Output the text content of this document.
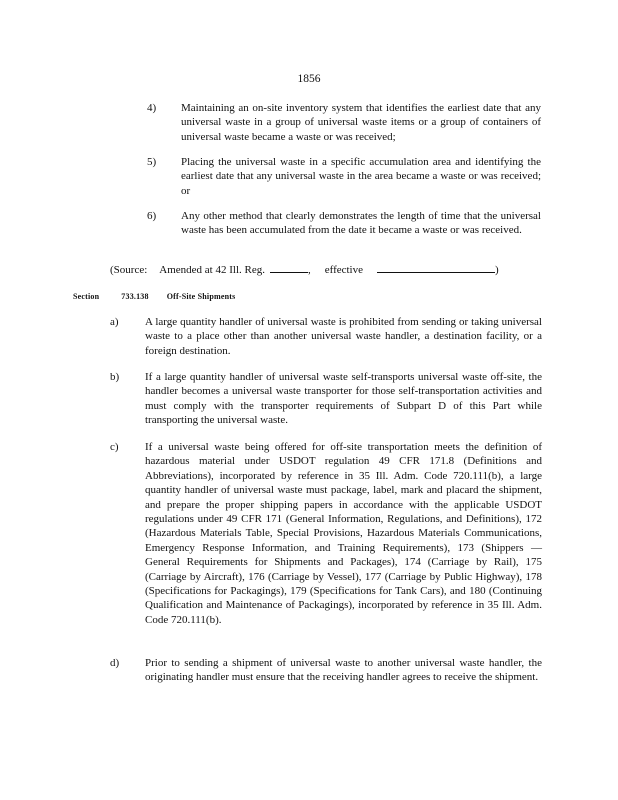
1856
4)	Maintaining an on-site inventory system that identifies the earliest date that any universal waste in a group of universal waste items or a group of containers of universal waste became a waste or was received;
5)	Placing the universal waste in a specific accumulation area and identifying the earliest date that any universal waste in the area became a waste or was received; or
6)	Any other method that clearly demonstrates the length of time that the universal waste has been accumulated from the date it became a waste or was received.
(Source: Amended at 42 Ill. Reg.	, effective	)
Section	733.138 Off-Site Shipments
a)	A large quantity handler of universal waste is prohibited from sending or taking universal waste to a place other than another universal waste handler, a destination facility, or a foreign destination.
b)	If a large quantity handler of universal waste self-transports universal waste off-site, the handler becomes a universal waste transporter for those self-transportation activities and must comply with the transporter requirements of Subpart D of this Part while transporting the universal waste.
c)	If a universal waste being offered for off-site transportation meets the definition of hazardous material under USDOT regulation 49 CFR 171.8 (Definitions and Abbreviations), incorporated by reference in 35 Ill. Adm. Code 720.111(b), a large quantity handler of universal waste must package, label, mark and placard the shipment, and prepare the proper shipping papers in accordance with the applicable USDOT regulations under 49 CFR 171 (General Information, Regulations, and Definitions), 172 (Hazardous Materials Table, Special Provisions, Hazardous Materials Communications, Emergency Response Information, and Training Requirements), 173 (Shippers — General Requirements for Shipments and Packages), 174 (Carriage by Rail), 175 (Carriage by Aircraft), 176 (Carriage by Vessel), 177 (Carriage by Public Highway), 178 (Specifications for Packagings), 179 (Specifications for Tank Cars), and 180 (Continuing Qualification and Maintenance of Packagings), incorporated by reference in 35 Ill. Adm. Code 720.111(b).
d)	Prior to sending a shipment of universal waste to another universal waste handler, the originating handler must ensure that the receiving handler agrees to receive the shipment.
